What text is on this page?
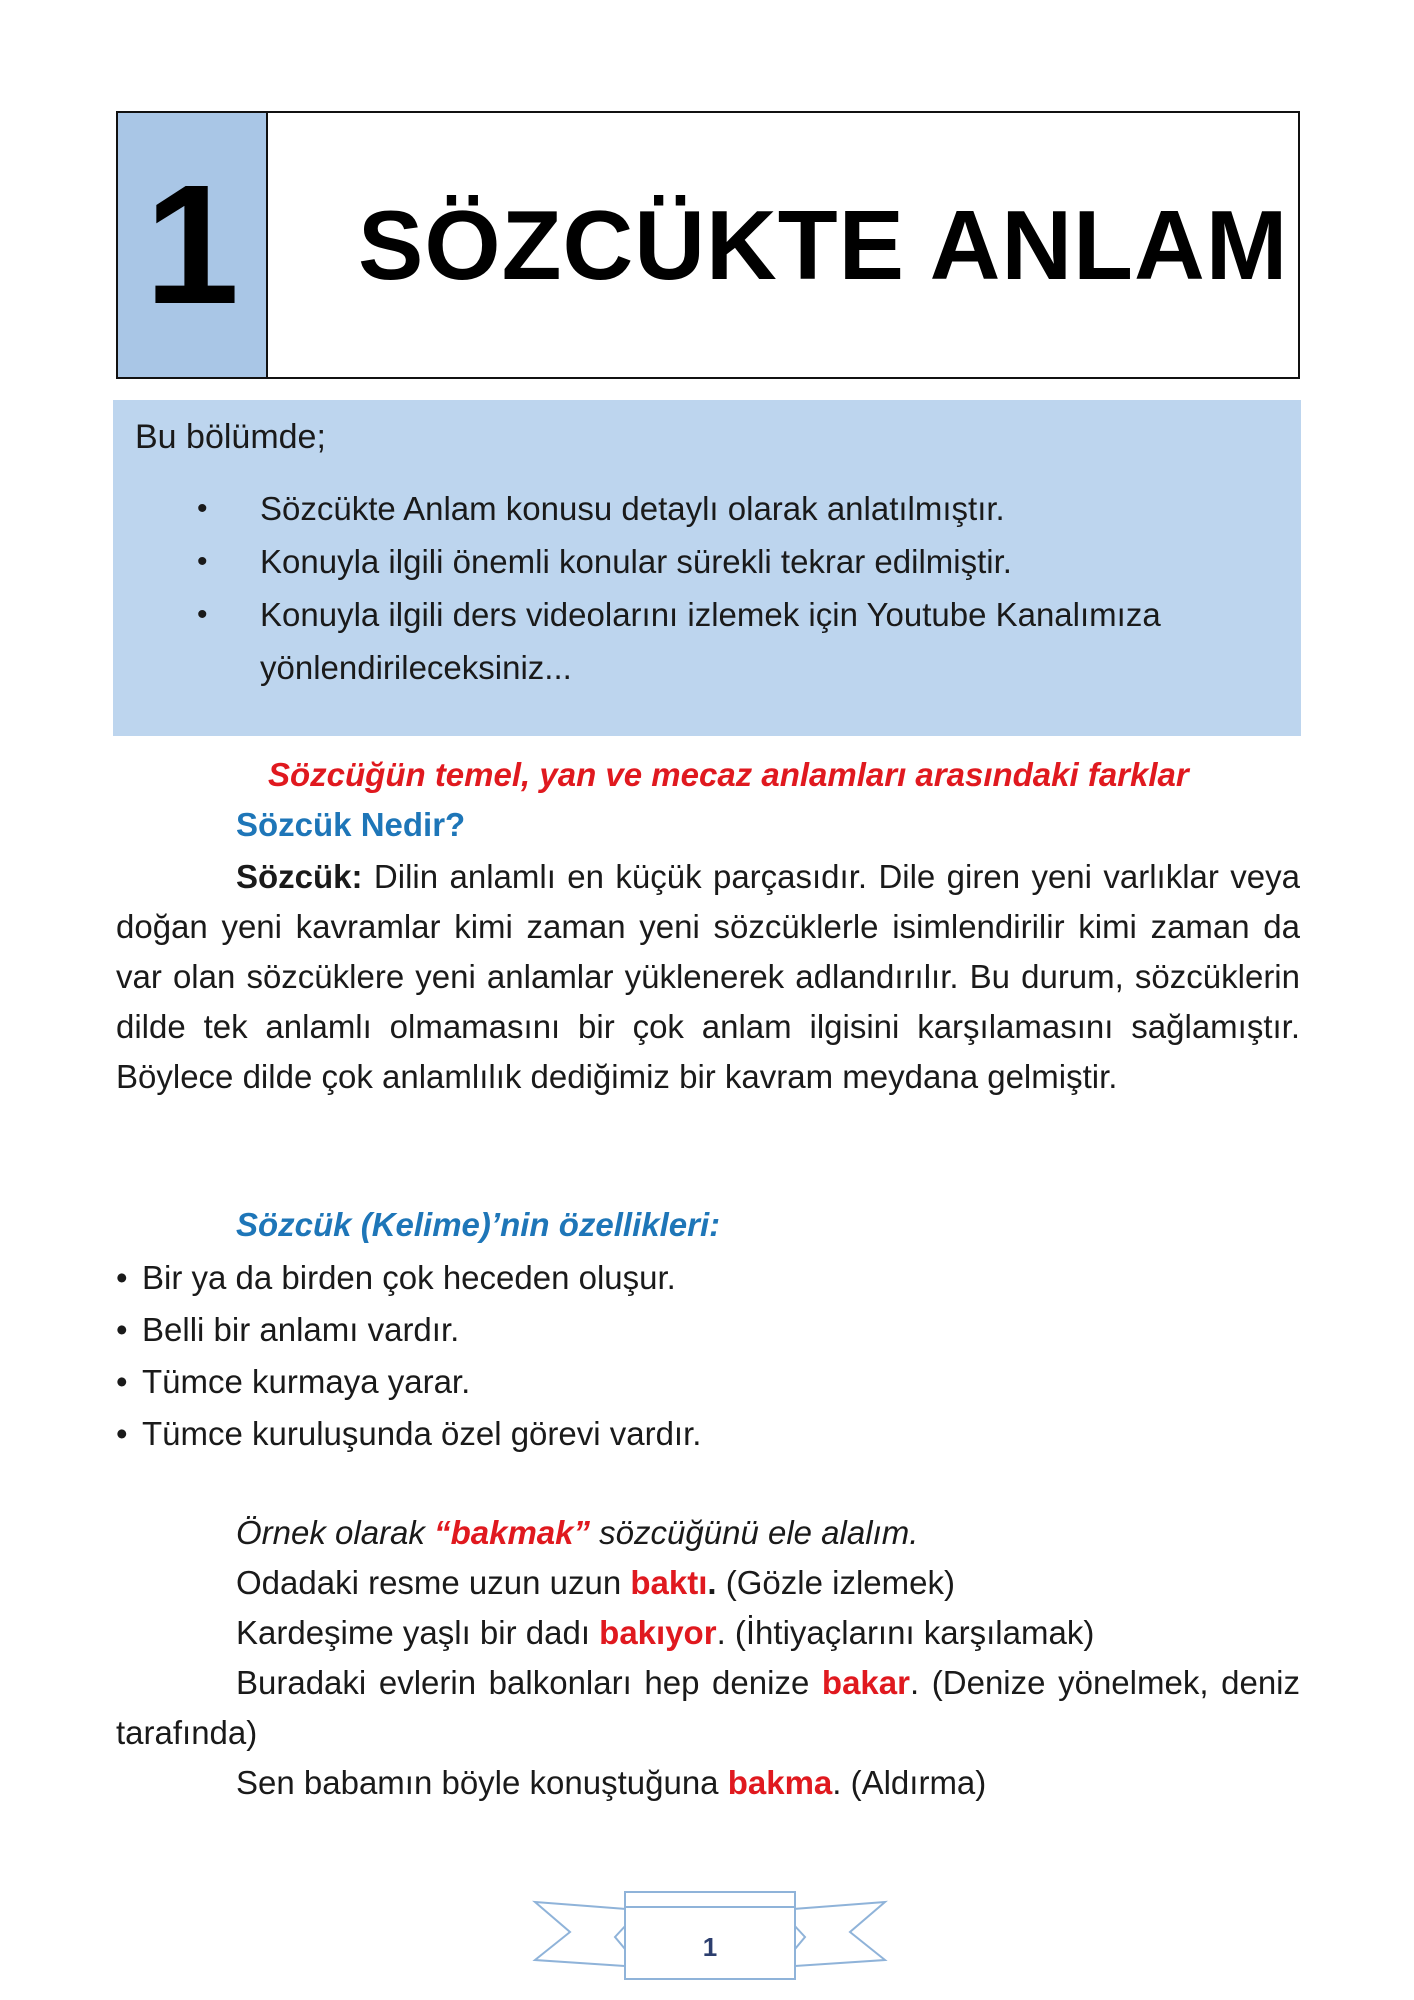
1 SÖZCÜKTE ANLAM
Bu bölümde;
• Sözcükte Anlam konusu detaylı olarak anlatılmıştır.
• Konuyla ilgili önemli konular sürekli tekrar edilmiştir.
• Konuyla ilgili ders videolarını izlemek için Youtube Kanalımıza yönlendirileceksiniz...
Sözcüğün temel, yan ve mecaz anlamları arasındaki farklar
Sözcük Nedir?

Sözcük: Dilin anlamlı en küçük parçasıdır. Dile giren yeni varlıklar veya doğan yeni kavramlar kimi zaman yeni sözcüklerle isimlendirilir kimi zaman da var olan sözcüklere yeni anlamlar yüklenerek adlandırılır. Bu durum, sözcüklerin dilde tek anlamlı olmamasını bir çok anlam ilgisini karşılamasını sağlamıştır. Böylece dilde çok anlamlılık dediğimiz bir kavram meydana gelmiştir.

Sözcük (Kelime)’nin özellikleri:
• Bir ya da birden çok heceden oluşur.
• Belli bir anlamı vardır.
• Tümce kurmaya yarar.
• Tümce kuruluşunda özel görevi vardır.
Örnek olarak “bakmak” sözcüğünü ele alalım.
Odadaki resme uzun uzun baktı. (Gözle izlemek)
Kardeşime yaşlı bir dadı bakıyor. (İhtiyaçlarını karşılamak)
Buradaki evlerin balkonları hep denize bakar. (Denize yönelmek, deniz tarafında)
Sen babamın böyle konuştuğuna bakma. (Aldırma)
1
